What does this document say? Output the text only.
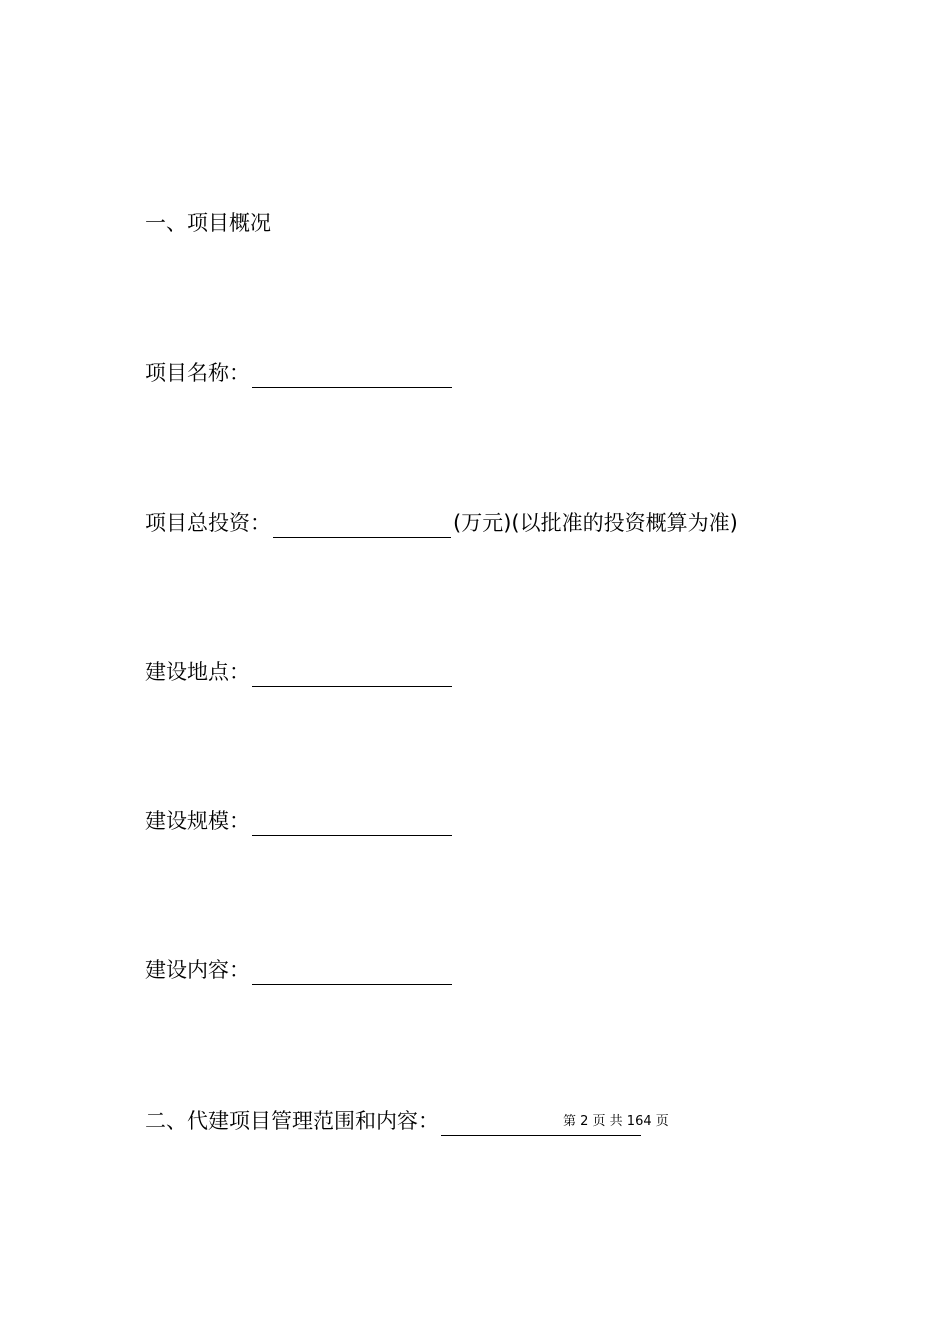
一、项目概况
项目名称：
项目总投资：	(万元)(以批准的投资概算为准)
建设地点：
建设规模：
建设内容：
二、代建项目管理范围和内容：	第 2 页 共 164 页
